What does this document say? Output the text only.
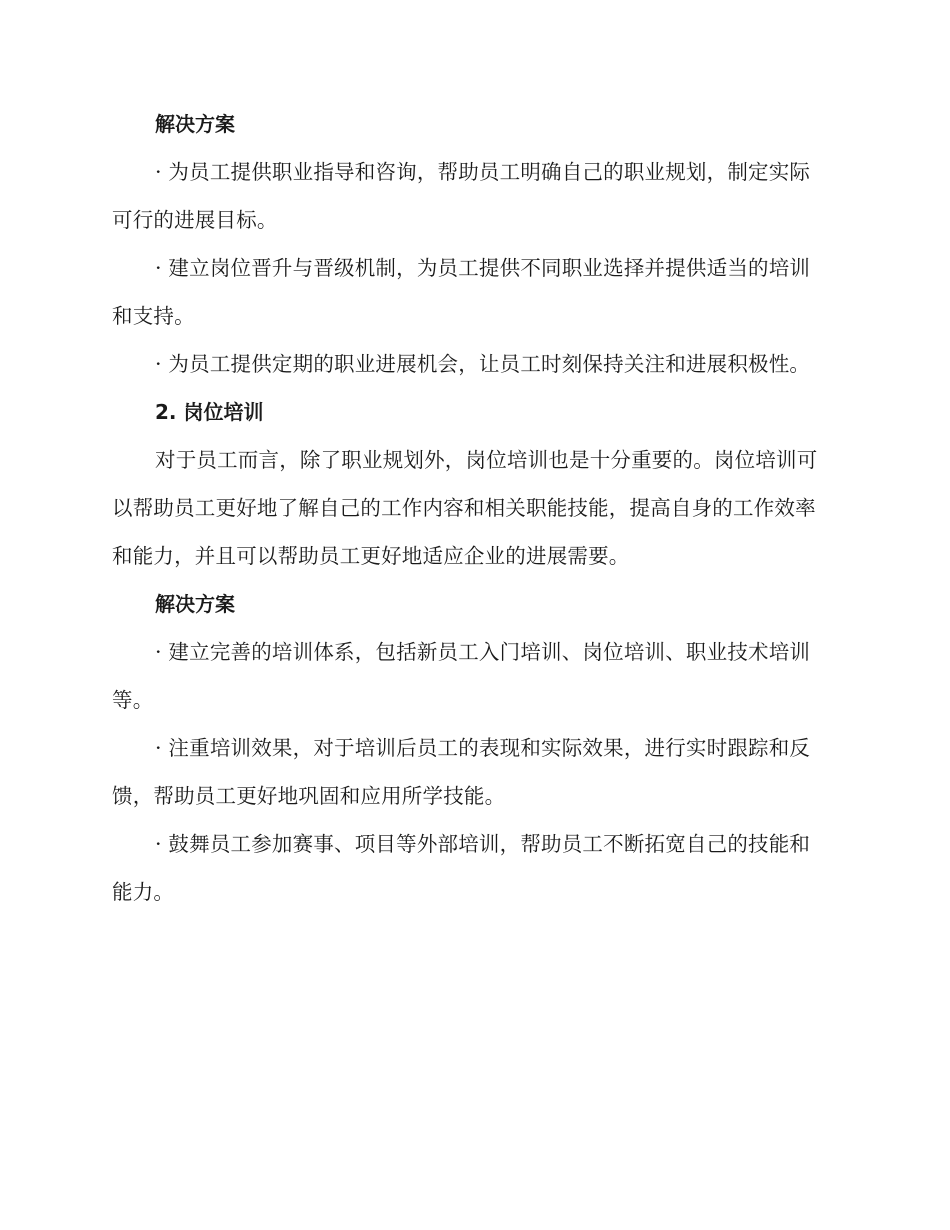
解决方案

· 为员工提供职业指导和咨询，帮助员工明确自己的职业规划，制定实际可行的进展目标。

· 建立岗位晋升与晋级机制，为员工提供不同职业选择并提供适当的培训和支持。

· 为员工提供定期的职业进展机会，让员工时刻保持关注和进展积极性。

2. 岗位培训

对于员工而言，除了职业规划外，岗位培训也是十分重要的。岗位培训可以帮助员工更好地了解自己的工作内容和相关职能技能，提高自身的工作效率和能力，并且可以帮助员工更好地适应企业的进展需要。

解决方案

· 建立完善的培训体系，包括新员工入门培训、岗位培训、职业技术培训等。

· 注重培训效果，对于培训后员工的表现和实际效果，进行实时跟踪和反馈，帮助员工更好地巩固和应用所学技能。

· 鼓舞员工参加赛事、项目等外部培训，帮助员工不断拓宽自己的技能和能力。
